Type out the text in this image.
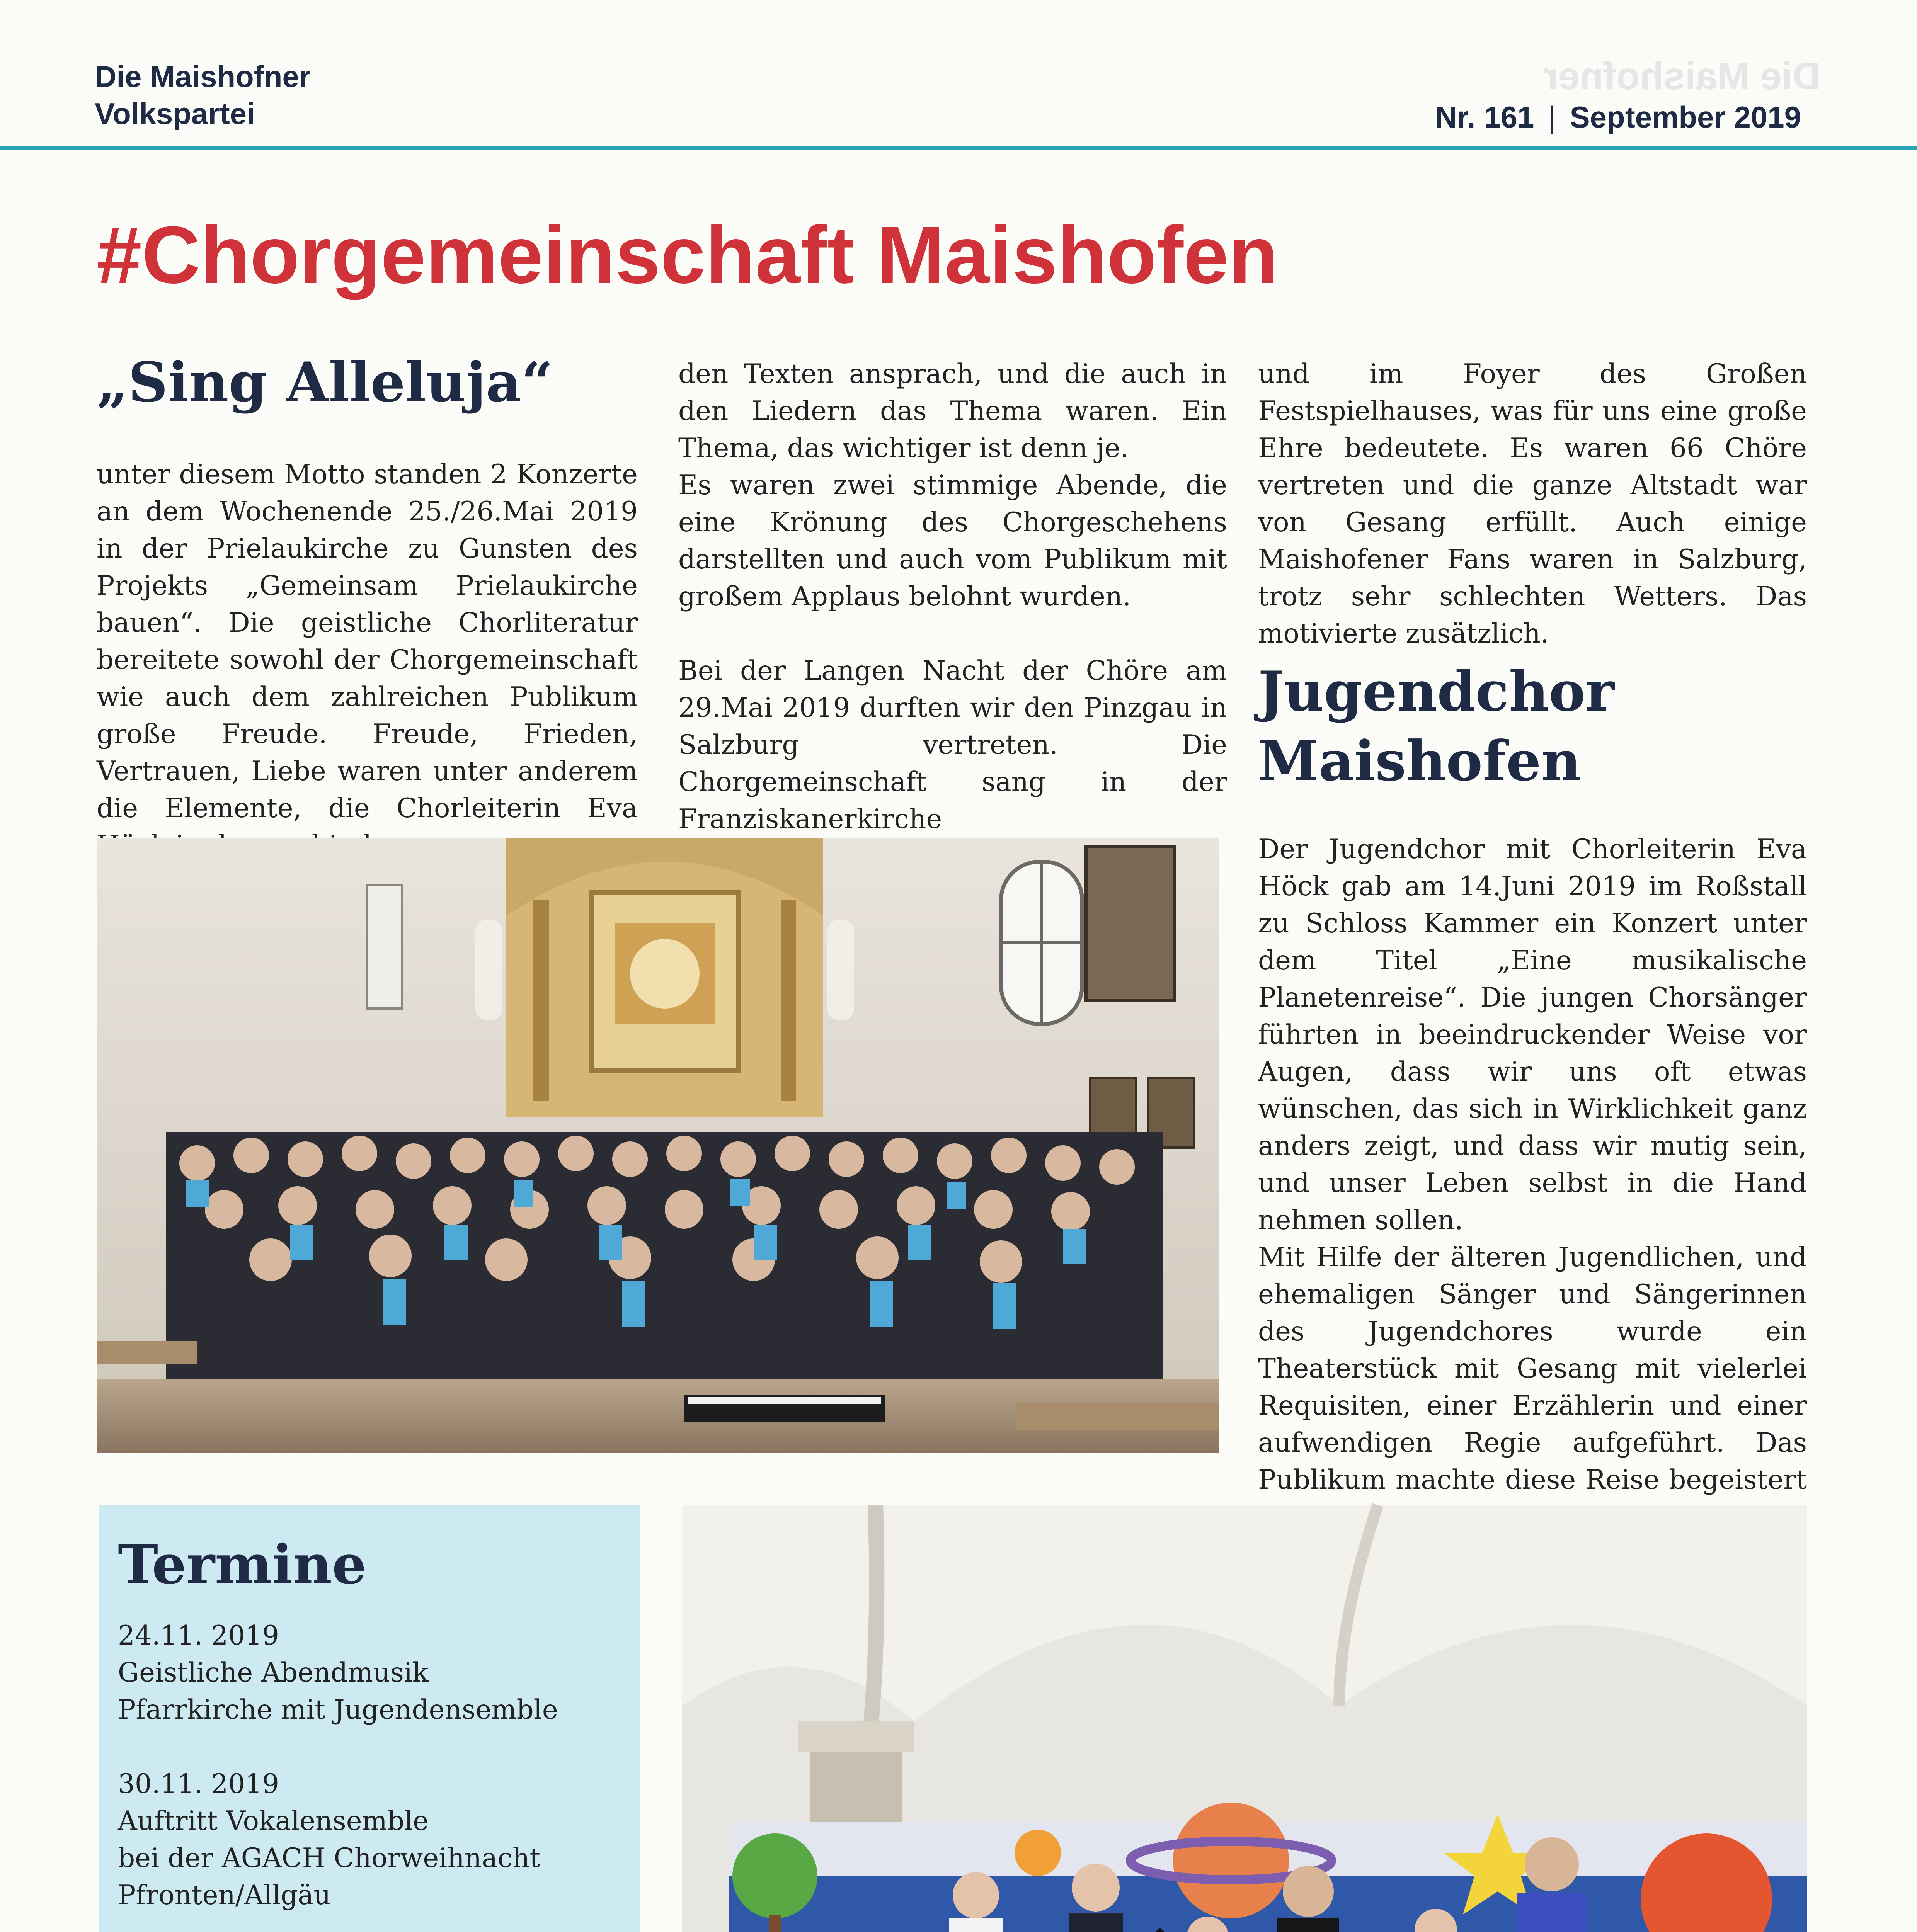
Die Maishofner
Die Maishofner
Volkspartei	Nr. 161 | September 2019
#Chorgemeinschaft Maishofen
„Sing Alleluja“

unter diesem Motto standen 2 Konzerte an dem Wochenende 25./26.Mai 2019 in der Prielaukirche zu Gunsten des Projekts „Gemeinsam Prielaukirche bauen“. Die geistliche Chorliteratur bereitete sowohl der Chorgemeinschaft wie auch dem zahlreichen Publikum große Freude. Freude, Frieden, Vertrauen, Liebe waren unter anderem die Elemente, die Chorleiterin Eva

den Texten ansprach, und die auch in den Liedern das Thema waren. Ein Thema, das wichtiger ist denn je.

Es waren zwei stimmige Abende, die eine Krönung des Chorgeschehens darstellten und auch vom Publikum mit großem Applaus belohnt wurden.

Bei der Langen Nacht der Chöre am 29.Mai 2019 durften wir den Pinzgau in Salzburg vertreten. Die Chorgemeinschaft sang in der Franziskanerkirche

und im Foyer des Großen Festspielhauses, was für uns eine große Ehre bedeutete. Es waren 66 Chöre vertreten und die ganze Altstadt war von Gesang erfüllt. Auch einige Maishofener Fans waren in Salzburg, trotz sehr schlechten Wetters. Das motivierte zusätzlich.

Jugendchor
Maishofen

Der Jugendchor mit Chorleiterin Eva Höck gab am 14.Juni 2019 im Roßstall zu Schloss Kammer ein Konzert unter dem Titel „Eine musikalische Planetenreise“. Die jungen Chorsänger führten in beeindruckender Weise vor Augen, dass wir uns oft etwas wünschen, das sich in Wirklichkeit ganz anders zeigt, und dass wir mutig sein, und unser Leben selbst in die Hand nehmen sollen.

Mit Hilfe der älteren Jugendlichen, und ehemaligen Sänger und Sängerinnen des Jugendchores wurde ein Theaterstück mit Gesang mit vielerlei Requisiten, einer Erzählerin und einer aufwendigen Regie aufgeführt. Das Publikum machte diese Reise begeistert

Termine
24.11. 2019
Geistliche Abendmusik
Pfarrkirche mit Jugendensemble
30.11. 2019
Auftritt Vokalensemble
bei der AGACH Chorweihnacht
Pfronten/Allgäu
